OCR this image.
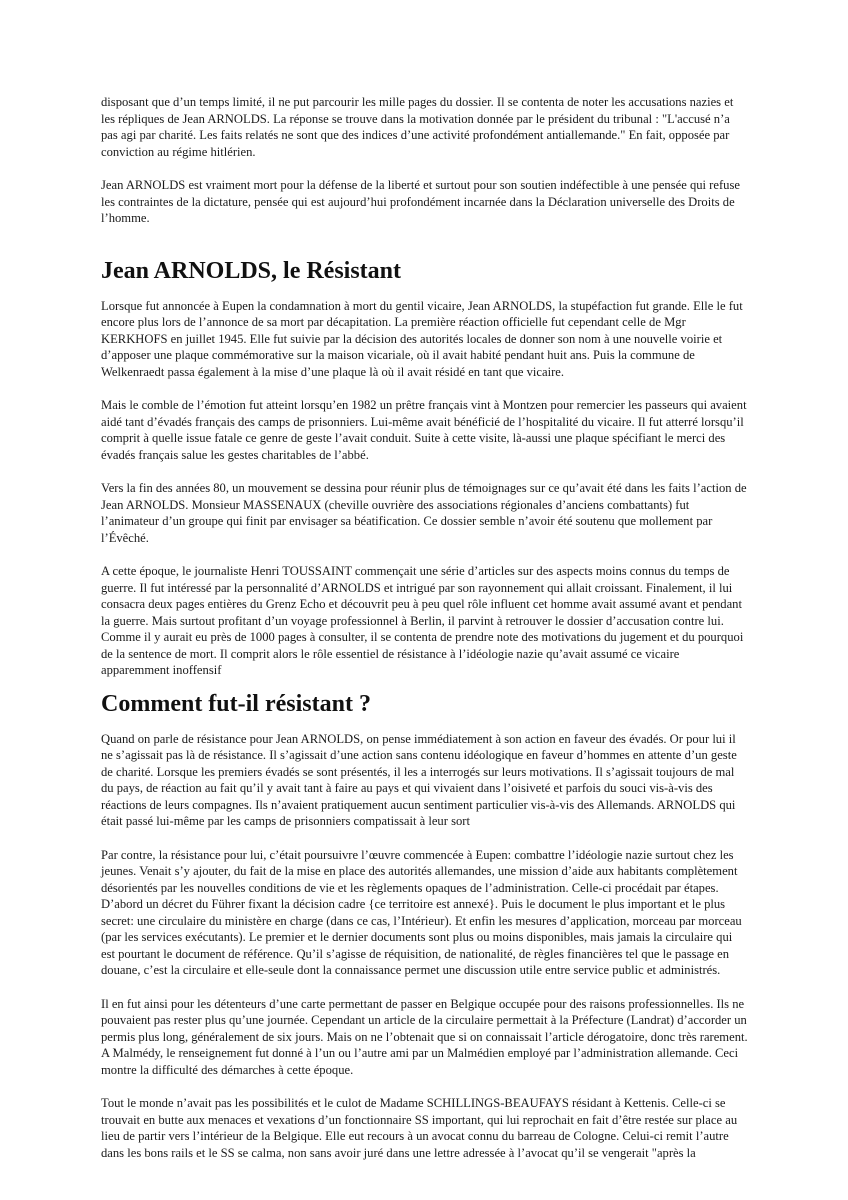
disposant que d’un temps limité, il ne put parcourir les mille pages du dossier. Il se contenta de noter les accusations nazies et les répliques de Jean ARNOLDS. La réponse se trouve dans la motivation donnée par le président du tribunal : "L'accusé n’a pas agi par charité. Les faits relatés ne sont que des indices d’une activité profondément antiallemande." En fait, opposée par conviction au régime hitlérien.

Jean ARNOLDS est vraiment mort pour la défense de la liberté et surtout pour son soutien indéfectible à une pensée qui refuse les contraintes de la dictature, pensée qui est aujourd’hui profondément incarnée dans la Déclaration universelle des Droits de l’homme.

Jean ARNOLDS, le Résistant

Lorsque fut annoncée à Eupen la condamnation à mort du gentil vicaire, Jean ARNOLDS, la stupéfaction fut grande. Elle le fut encore plus lors de l’annonce de sa mort par décapitation. La première réaction officielle fut cependant celle de Mgr KERKHOFS en juillet 1945. Elle fut suivie par la décision des autorités locales de donner son nom à une nouvelle voirie et d’apposer une plaque commémorative sur la maison vicariale, où il avait habité pendant huit ans. Puis la commune de Welkenraedt passa également à la mise d’une plaque là où il avait résidé en tant que vicaire.

Mais le comble de l’émotion fut atteint lorsqu’en 1982 un prêtre français vint à Montzen pour remercier les passeurs qui avaient aidé tant d’évadés français des camps de prisonniers. Lui-même avait bénéficié de l’hospitalité du vicaire. Il fut atterré lorsqu’il comprit à quelle issue fatale ce genre de geste l’avait conduit. Suite à cette visite, là-aussi une plaque spécifiant le merci des évadés français salue les gestes charitables de l’abbé.

Vers la fin des années 80, un mouvement se dessina pour réunir plus de témoignages sur ce qu’avait été dans les faits l’action de Jean ARNOLDS. Monsieur MASSENAUX (cheville ouvrière des associations régionales d’anciens combattants) fut l’animateur d’un groupe qui finit par envisager sa béatification. Ce dossier semble n’avoir été soutenu que mollement par l’Évêché.

A cette époque, le journaliste Henri TOUSSAINT commençait une série d’articles sur des aspects moins connus du temps de guerre. Il fut intéressé par la personnalité d’ARNOLDS et intrigué par son rayonnement qui allait croissant. Finalement, il lui consacra deux pages entières du Grenz Echo et découvrit peu à peu quel rôle influent cet homme avait assumé avant et pendant la guerre. Mais surtout profitant d’un voyage professionnel à Berlin, il parvint à retrouver le dossier d’accusation contre lui. Comme il y aurait eu près de 1000 pages à consulter, il se contenta de prendre note des motivations du jugement et du pourquoi de la sentence de mort. Il comprit alors le rôle essentiel de résistance à l’idéologie nazie qu’avait assumé ce vicaire apparemment inoffensif

Comment fut-il résistant ?

Quand on parle de résistance pour Jean ARNOLDS, on pense immédiatement à son action en faveur des évadés. Or pour lui il ne s’agissait pas là de résistance. Il s’agissait d’une action sans contenu idéologique en faveur d’hommes en attente d’un geste de charité. Lorsque les premiers évadés se sont présentés, il les a interrogés sur leurs motivations. Il s’agissait toujours de mal du pays, de réaction au fait qu’il y avait tant à faire au pays et qui vivaient dans l’oisiveté et parfois du souci vis-à-vis des réactions de leurs compagnes. Ils n’avaient pratiquement aucun sentiment particulier vis-à-vis des Allemands. ARNOLDS qui était passé lui-même par les camps de prisonniers compatissait à leur sort

Par contre, la résistance pour lui, c’était poursuivre l’œuvre commencée à Eupen: combattre l’idéologie nazie surtout chez les jeunes. Venait s’y ajouter, du fait de la mise en place des autorités allemandes, une mission d’aide aux habitants complètement désorientés par les nouvelles conditions de vie et les règlements opaques de l’administration. Celle-ci procédait par étapes. D’abord un décret du Führer fixant la décision cadre {ce territoire est annexé}. Puis le document le plus important et le plus secret: une circulaire du ministère en charge (dans ce cas, l’Intérieur). Et enfin les mesures d’application, morceau par morceau (par les services exécutants). Le premier et le dernier documents sont plus ou moins disponibles, mais jamais la circulaire qui est pourtant le document de référence. Qu’il s’agisse de réquisition, de nationalité, de règles financières tel que le passage en douane, c’est la circulaire et elle-seule dont la connaissance permet une discussion utile entre service public et administrés.

Il en fut ainsi pour les détenteurs d’une carte permettant de passer en Belgique occupée pour des raisons professionnelles. Ils ne pouvaient pas rester plus qu’une journée. Cependant un article de la circulaire permettait à la Préfecture (Landrat) d’accorder un permis plus long, généralement de six jours. Mais on ne l’obtenait que si on connaissait l’article dérogatoire, donc très rarement. A Malmédy, le renseignement fut donné à l’un ou l’autre ami par un Malmédien employé par l’administration allemande. Ceci montre la difficulté des démarches à cette époque.

Tout le monde n’avait pas les possibilités et le culot de Madame SCHILLINGS-BEAUFAYS résidant à Kettenis. Celle-ci se trouvait en butte aux menaces et vexations d’un fonctionnaire SS important, qui lui reprochait en fait d’être restée sur place au lieu de partir vers l’intérieur de la Belgique. Elle eut recours à un avocat connu du barreau de Cologne. Celui-ci remit l’autre dans les bons rails et le SS se calma, non sans avoir juré dans une lettre adressée à l’avocat qu’il se vengerait "après la
